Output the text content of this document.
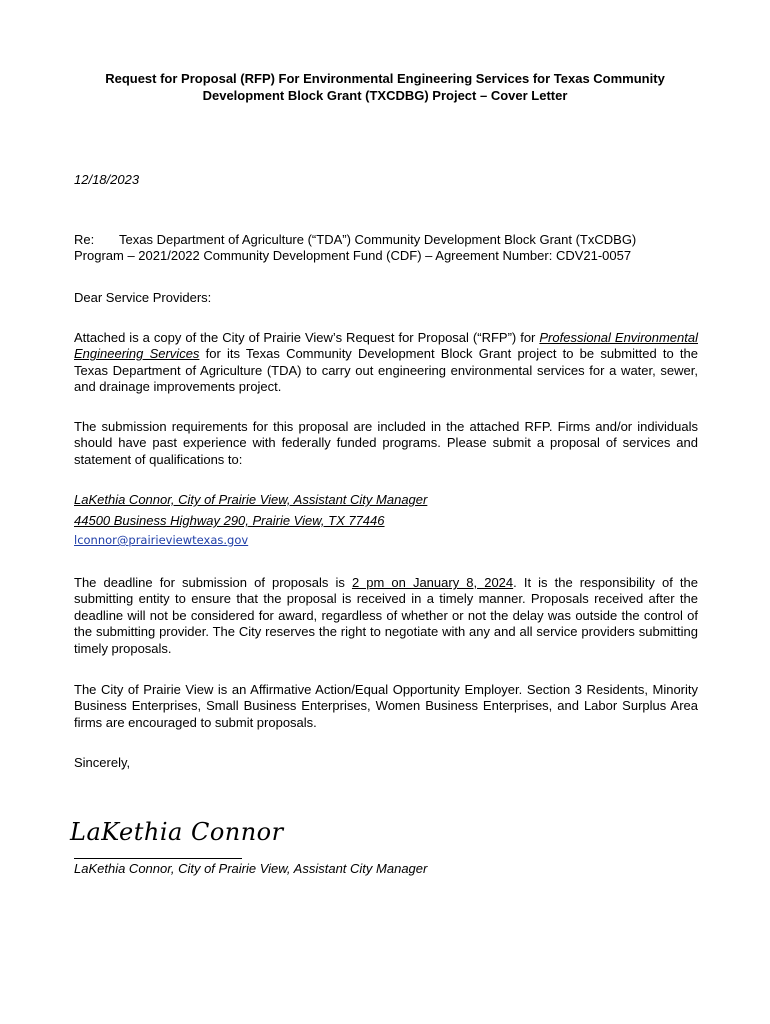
Request for Proposal (RFP) For Environmental Engineering Services for Texas Community
Development Block Grant (TXCDBG) Project – Cover Letter
12/18/2023
Re: Texas Department of Agriculture (“TDA”) Community Development Block Grant (TxCDBG)
Program – 2021/2022 Community Development Fund (CDF) – Agreement Number: CDV21-0057
Dear Service Providers:
Attached is a copy of the City of Prairie View’s Request for Proposal (“RFP”) for Professional Environmental Engineering Services for its Texas Community Development Block Grant project to be submitted to the Texas Department of Agriculture (TDA) to carry out engineering environmental services for a water, sewer, and drainage improvements project.
The submission requirements for this proposal are included in the attached RFP. Firms and/or individuals should have past experience with federally funded programs. Please submit a proposal of services and statement of qualifications to:
LaKethia Connor, City of Prairie View, Assistant City Manager
44500 Business Highway 290, Prairie View, TX 77446
lconnor@prairieviewtexas.gov
The deadline for submission of proposals is 2 pm on January 8, 2024. It is the responsibility of the submitting entity to ensure that the proposal is received in a timely manner. Proposals received after the deadline will not be considered for award, regardless of whether or not the delay was outside the control of the submitting provider. The City reserves the right to negotiate with any and all service providers submitting timely proposals.
The City of Prairie View is an Affirmative Action/Equal Opportunity Employer. Section 3 Residents, Minority Business Enterprises, Small Business Enterprises, Women Business Enterprises, and Labor Surplus Area firms are encouraged to submit proposals.
Sincerely,
LaKethia Connor
LaKethia Connor, City of Prairie View, Assistant City Manager
